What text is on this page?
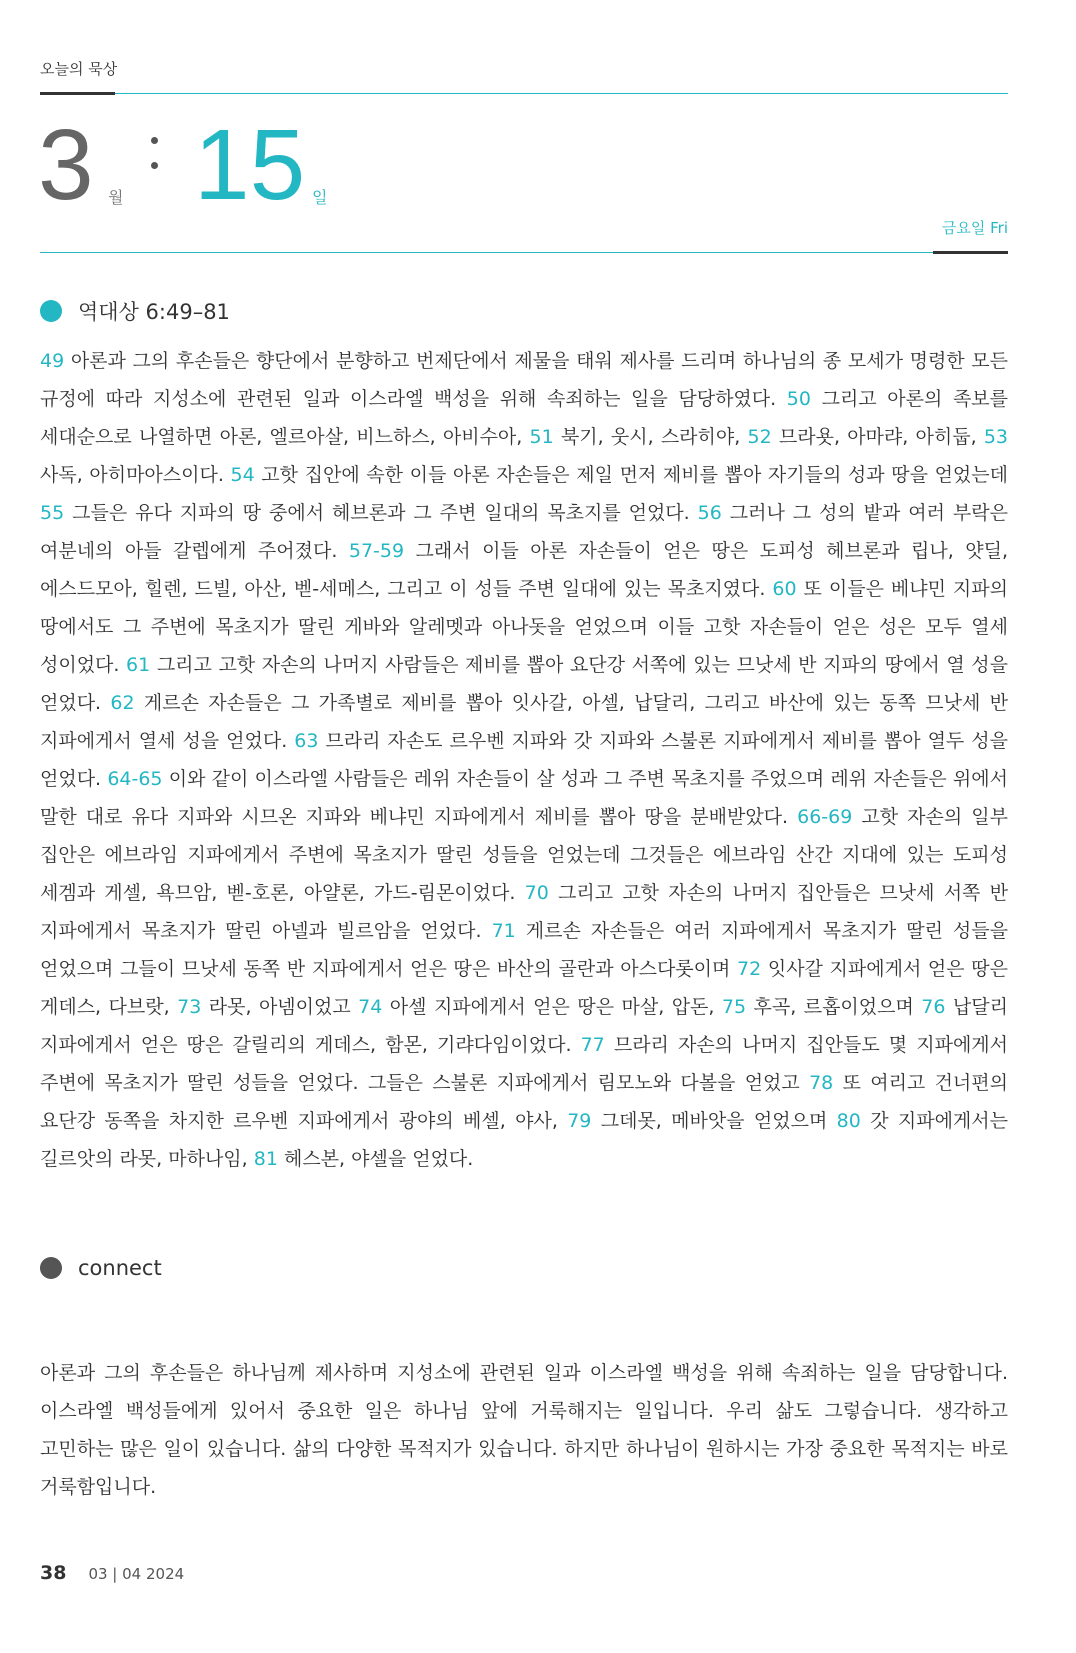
오늘의 묵상
3 월 15 일
금요일 Fri
역대상 6:49–81

49 아론과 그의 후손들은 향단에서 분향하고 번제단에서 제물을 태워 제사를 드리며 하나님의 종 모세가 명령한 모든 규정에 따라 지성소에 관련된 일과 이스라엘 백성을 위해 속죄하는 일을 담당하였다. 50 그리고 아론의 족보를 세대순으로 나열하면 아론, 엘르아살, 비느하스, 아비수아, 51 북기, 웃시, 스라히야, 52 므라욧, 아마랴, 아히둡, 53 사독, 아히마아스이다. 54 고핫 집안에 속한 이들 아론 자손들은 제일 먼저 제비를 뽑아 자기들의 성과 땅을 얻었는데 55 그들은 유다 지파의 땅 중에서 헤브론과 그 주변 일대의 목초지를 얻었다. 56 그러나 그 성의 밭과 여러 부락은 여분네의 아들 갈렙에게 주어졌다. 57-59 그래서 이들 아론 자손들이 얻은 땅은 도피성 헤브론과 립나, 얏딜, 에스드모아, 힐렌, 드빌, 아산, 벧-세메스, 그리고 이 성들 주변 일대에 있는 목초지였다. 60 또 이들은 베냐민 지파의 땅에서도 그 주변에 목초지가 딸린 게바와 알레멧과 아나돗을 얻었으며 이들 고핫 자손들이 얻은 성은 모두 열세 성이었다. 61 그리고 고핫 자손의 나머지 사람들은 제비를 뽑아 요단강 서쪽에 있는 므낫세 반 지파의 땅에서 열 성을 얻었다. 62 게르손 자손들은 그 가족별로 제비를 뽑아 잇사갈, 아셀, 납달리, 그리고 바산에 있는 동쪽 므낫세 반 지파에게서 열세 성을 얻었다. 63 므라리 자손도 르우벤 지파와 갓 지파와 스불론 지파에게서 제비를 뽑아 열두 성을 얻었다. 64-65 이와 같이 이스라엘 사람들은 레위 자손들이 살 성과 그 주변 목초지를 주었으며 레위 자손들은 위에서 말한 대로 유다 지파와 시므온 지파와 베냐민 지파에게서 제비를 뽑아 땅을 분배받았다. 66-69 고핫 자손의 일부 집안은 에브라임 지파에게서 주변에 목초지가 딸린 성들을 얻었는데 그것들은 에브라임 산간 지대에 있는 도피성 세겜과 게셀, 욕므암, 벧-호론, 아얄론, 가드-림몬이었다. 70 그리고 고핫 자손의 나머지 집안들은 므낫세 서쪽 반 지파에게서 목초지가 딸린 아넬과 빌르암을 얻었다. 71 게르손 자손들은 여러 지파에게서 목초지가 딸린 성들을 얻었으며 그들이 므낫세 동쪽 반 지파에게서 얻은 땅은 바산의 골란과 아스다롯이며 72 잇사갈 지파에게서 얻은 땅은 게데스, 다브랏, 73 라못, 아넴이었고 74 아셀 지파에게서 얻은 땅은 마살, 압돈, 75 후곡, 르홉이었으며 76 납달리 지파에게서 얻은 땅은 갈릴리의 게데스, 함몬, 기랴다임이었다. 77 므라리 자손의 나머지 집안들도 몇 지파에게서 주변에 목초지가 딸린 성들을 얻었다. 그들은 스불론 지파에게서 림모노와 다볼을 얻었고 78 또 여리고 건너편의 요단강 동쪽을 차지한 르우벤 지파에게서 광야의 베셀, 야사, 79 그데못, 메바앗을 얻었으며 80 갓 지파에게서는 길르앗의 라못, 마하나임, 81 헤스본, 야셀을 얻었다.

connect

아론과 그의 후손들은 하나님께 제사하며 지성소에 관련된 일과 이스라엘 백성을 위해 속죄하는 일을 담당합니다. 이스라엘 백성들에게 있어서 중요한 일은 하나님 앞에 거룩해지는 일입니다. 우리 삶도 그렇습니다. 생각하고 고민하는 많은 일이 있습니다. 삶의 다양한 목적지가 있습니다. 하지만 하나님이 원하시는 가장 중요한 목적지는 바로 거룩함입니다.

38 03 | 04 2024
